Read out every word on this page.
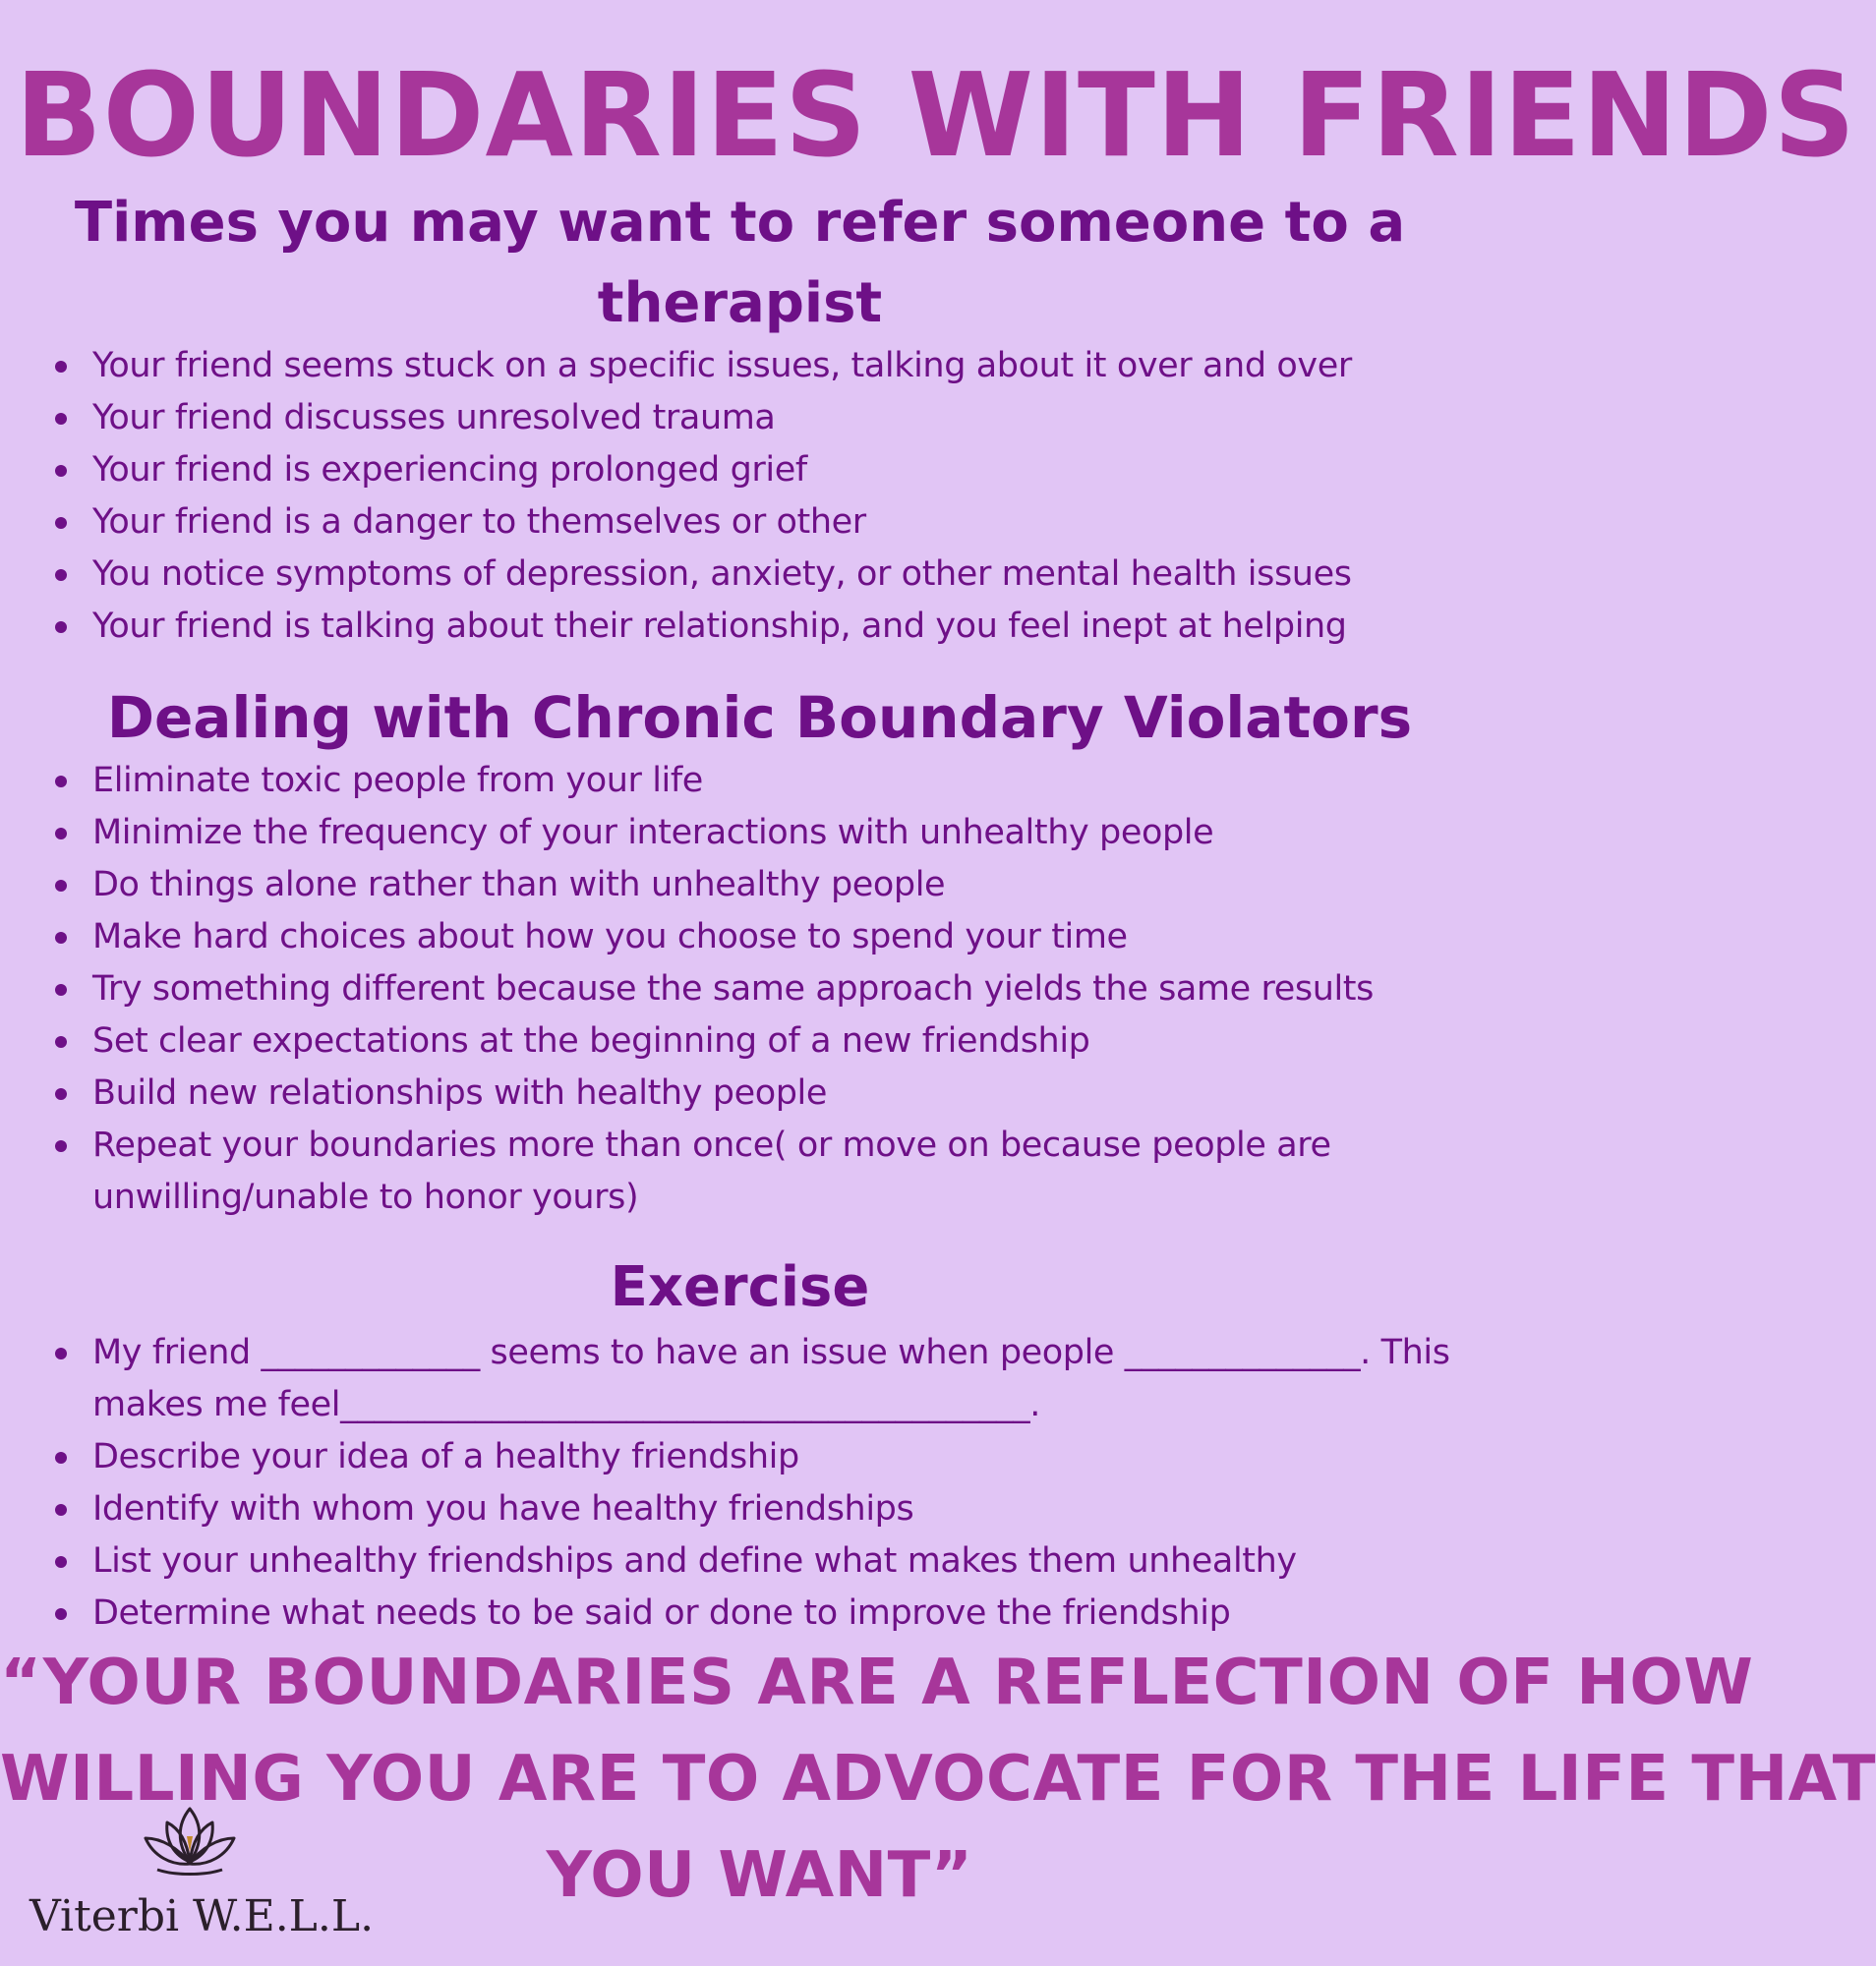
BOUNDARIES WITH FRIENDS
Times you may want to refer someone to a therapist
Your friend seems stuck on a specific issues, talking about it over and over
Your friend discusses unresolved trauma
Your friend is experiencing prolonged grief
Your friend is a danger to themselves or other
You notice symptoms of depression, anxiety, or other mental health issues
Your friend is talking about their relationship, and you feel inept at helping
Dealing with Chronic Boundary Violators
Eliminate toxic people from your life
Minimize the frequency of your interactions with unhealthy people
Do things alone rather than with unhealthy people
Make hard choices about how you choose to spend your time
Try something different because the same approach yields the same results
Set clear expectations at the beginning of a new friendship
Build new relationships with healthy people
Repeat your boundaries more than once( or move on because people are unwilling/unable to honor yours)
Exercise
My friend _____________ seems to have an issue when people ______________. This makes me feel_________________________________________.
Describe your idea of a healthy friendship
Identify with whom you have healthy friendships
List your unhealthy friendships and define what makes them unhealthy
Determine what needs to be said or done to improve the friendship
“YOUR BOUNDARIES ARE A REFLECTION OF HOW
WILLING YOU ARE TO ADVOCATE FOR THE LIFE THAT
YOU WANT”
Viterbi W.E.L.L.
